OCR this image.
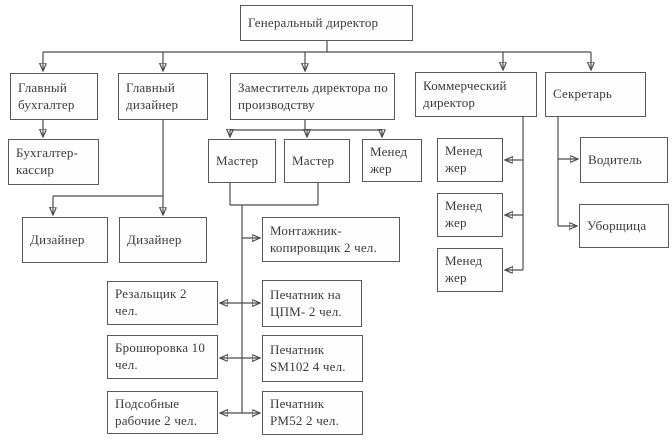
Генеральный директор
Главный бухгалтер
Главный дизайнер
Заместитель директора по производству
Коммерческий директор
Секретарь
Бухгалтер-кассир
Дизайнер	Дизайнер
Мастер	Мастер
Менед жер
Менед жер
Менед жер
Менед жер
Водитель
Уборщица
Монтажник-копировщик 2 чел.
Резальщик 2 чел.
Печатник на ЦПМ- 2 чел.
Брошюровка 10 чел.
Печатник SM102 4 чел.
Подсобные рабочие 2 чел.
Печатник РМ52 2 чел.
